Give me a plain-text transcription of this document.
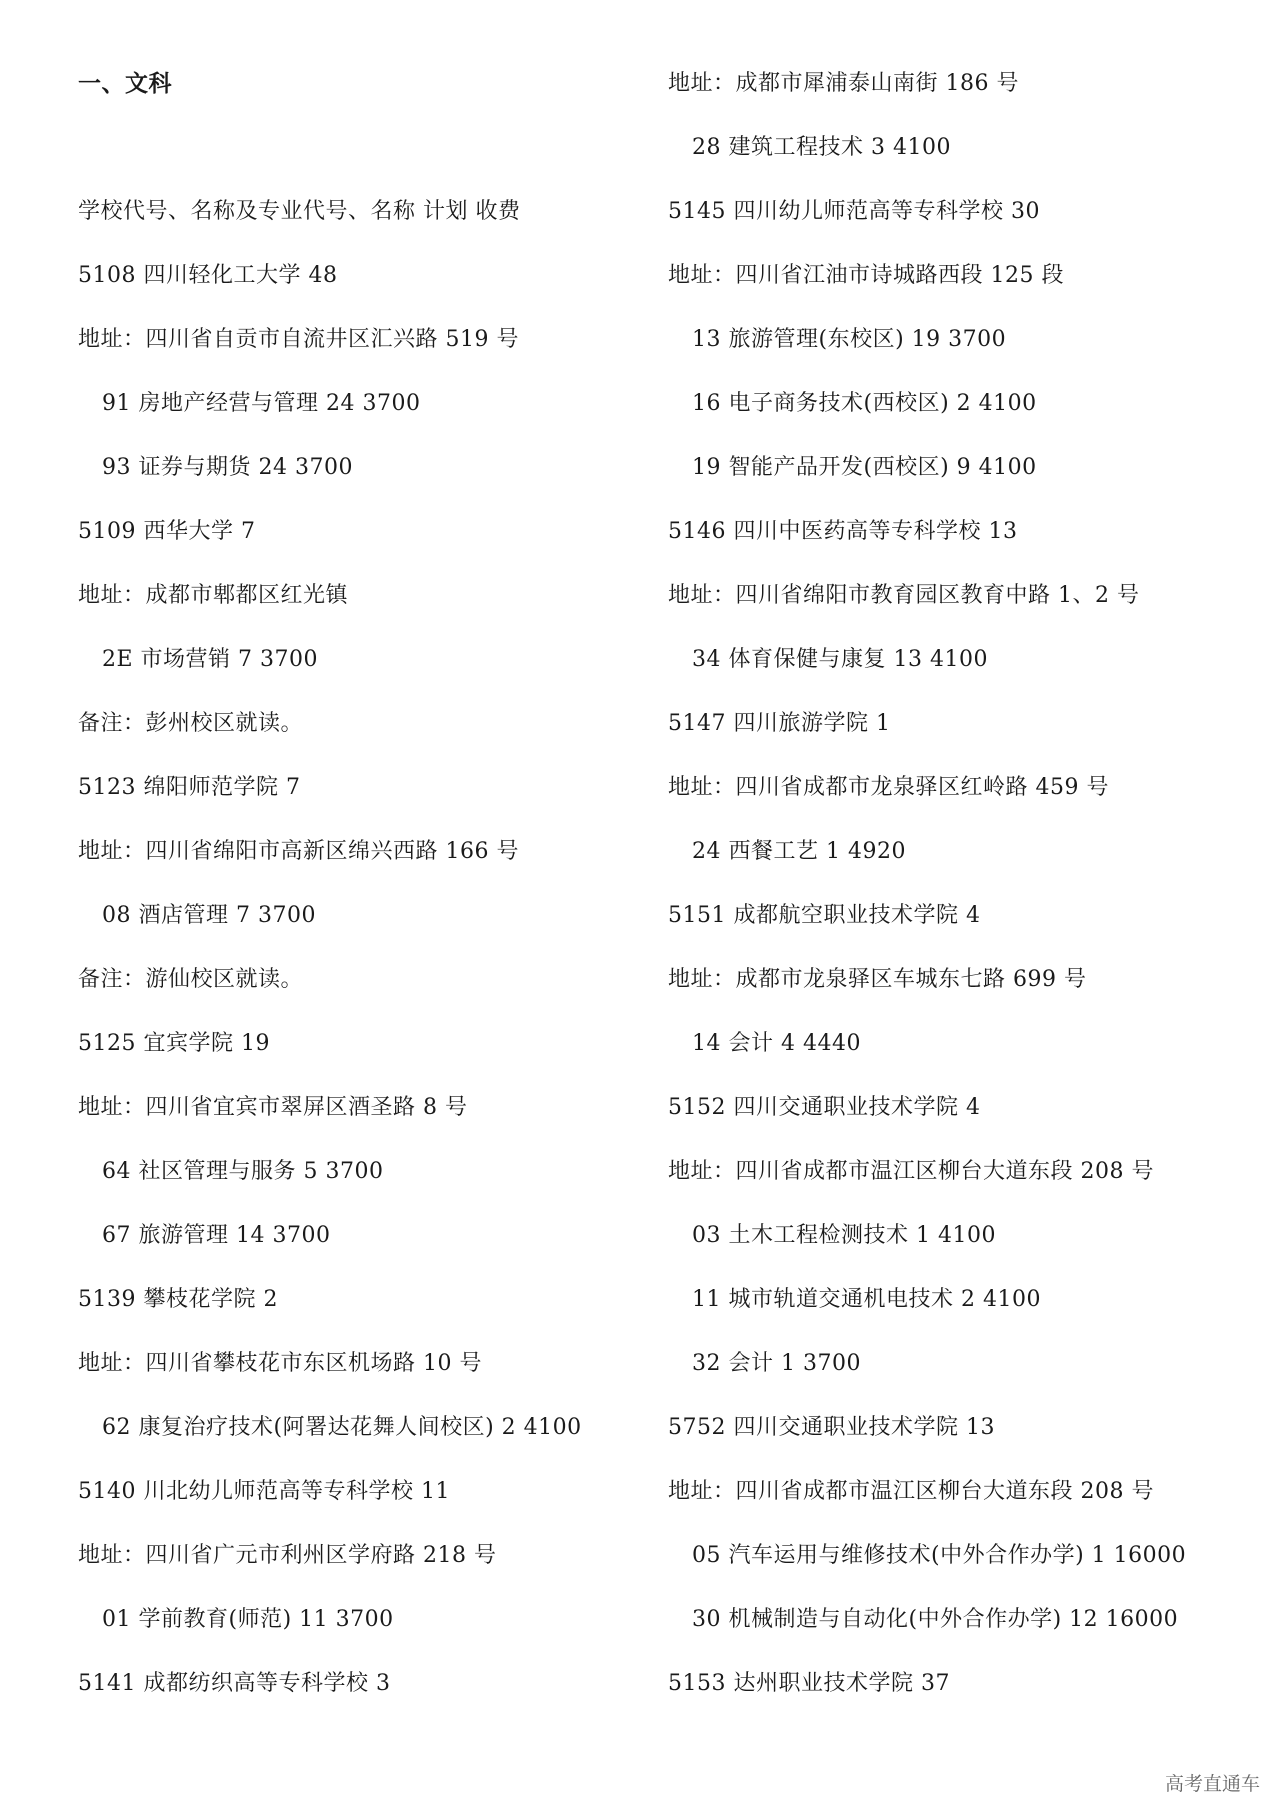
一、文科
学校代号、名称及专业代号、名称 计划 收费
5108 四川轻化工大学 48
地址：四川省自贡市自流井区汇兴路 519 号
91 房地产经营与管理 24 3700
93 证券与期货 24 3700
5109 西华大学 7
地址：成都市郫都区红光镇
2E 市场营销 7 3700
备注：彭州校区就读。
5123 绵阳师范学院 7
地址：四川省绵阳市高新区绵兴西路 166 号
08 酒店管理 7 3700
备注：游仙校区就读。
5125 宜宾学院 19
地址：四川省宜宾市翠屏区酒圣路 8 号
64 社区管理与服务 5 3700
67 旅游管理 14 3700
5139 攀枝花学院 2
地址：四川省攀枝花市东区机场路 10 号
62 康复治疗技术(阿署达花舞人间校区) 2 4100
5140 川北幼儿师范高等专科学校 11
地址：四川省广元市利州区学府路 218 号
01 学前教育(师范) 11 3700
5141 成都纺织高等专科学校 3
地址：成都市犀浦泰山南街 186 号
28 建筑工程技术 3 4100
5145 四川幼儿师范高等专科学校 30
地址：四川省江油市诗城路西段 125 段
13 旅游管理(东校区) 19 3700
16 电子商务技术(西校区) 2 4100
19 智能产品开发(西校区) 9 4100
5146 四川中医药高等专科学校 13
地址：四川省绵阳市教育园区教育中路 1、2 号
34 体育保健与康复 13 4100
5147 四川旅游学院 1
地址：四川省成都市龙泉驿区红岭路 459 号
24 西餐工艺 1 4920
5151 成都航空职业技术学院 4
地址：成都市龙泉驿区车城东七路 699 号
14 会计 4 4440
5152 四川交通职业技术学院 4
地址：四川省成都市温江区柳台大道东段 208 号
03 土木工程检测技术 1 4100
11 城市轨道交通机电技术 2 4100
32 会计 1 3700
5752 四川交通职业技术学院 13
地址：四川省成都市温江区柳台大道东段 208 号
05 汽车运用与维修技术(中外合作办学) 1 16000
30 机械制造与自动化(中外合作办学) 12 16000
5153 达州职业技术学院 37
高考直通车
